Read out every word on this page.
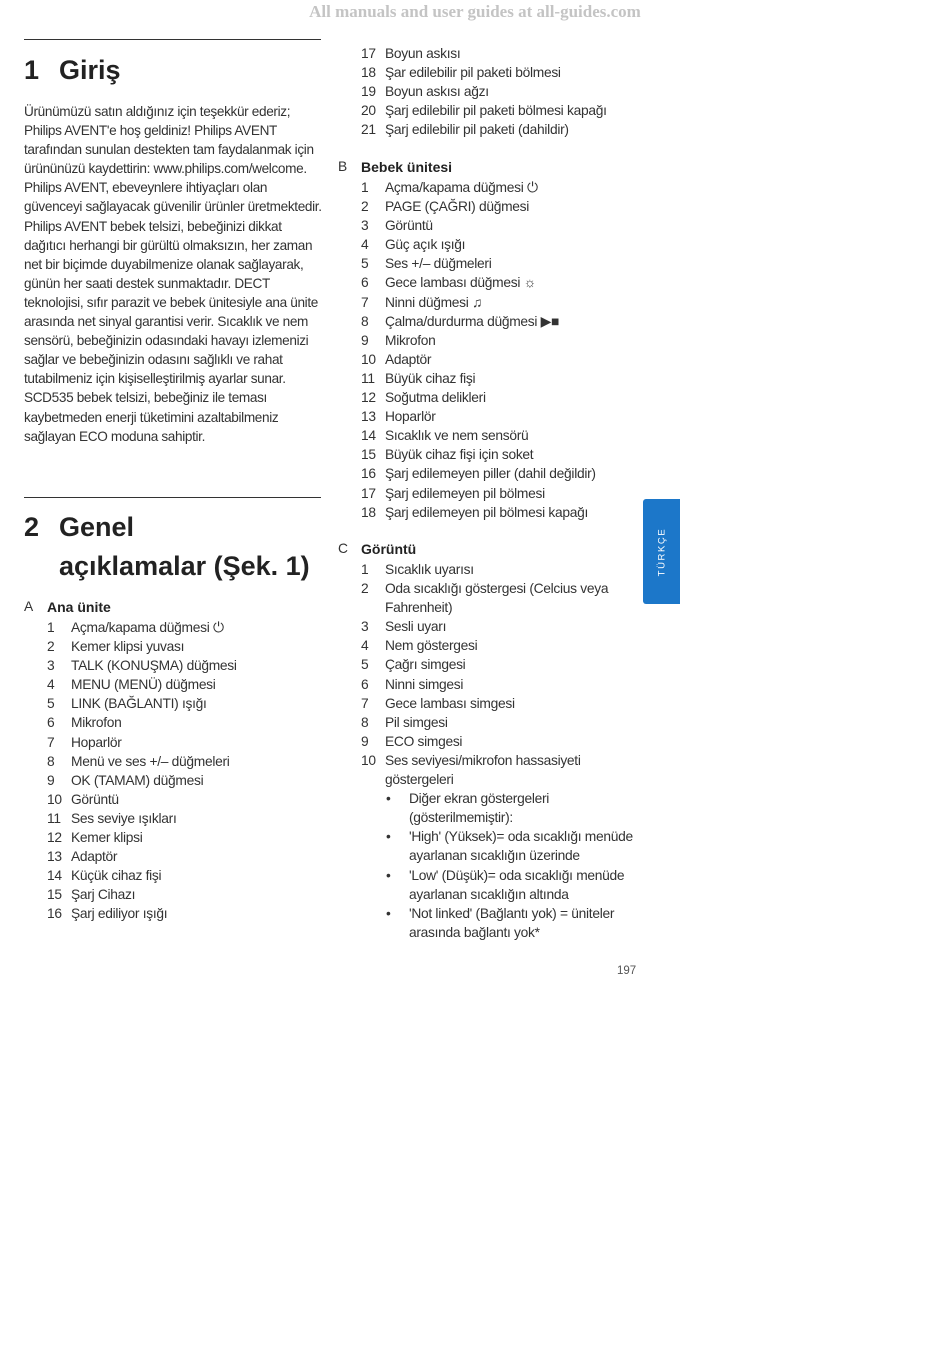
All manuals and user guides at all-guides.com
1 Giriş

Ürünümüzü satın aldığınız için teşekkür ederiz; Philips AVENT'e hoş geldiniz! Philips AVENT tarafından sunulan destekten tam faydalanmak için ürününüzü kaydettirin: www.philips.com/welcome. Philips AVENT, ebeveynlere ihtiyaçları olan güvenceyi sağlayacak güvenilir ürünler üretmektedir. Philips AVENT bebek telsizi, bebeğinizi dikkat dağıtıcı herhangi bir gürültü olmaksızın, her zaman net bir biçimde duyabilmenize olanak sağlayarak, günün her saati destek sunmaktadır. DECT teknolojisi, sıfır parazit ve bebek ünitesiyle ana ünite arasında net sinyal garantisi verir. Sıcaklık ve nem sensörü, bebeğinizin odasındaki havayı izlemenizi sağlar ve bebeğinizin odasını sağlıklı ve rahat tutabilmeniz için kişiselleştirilmiş ayarlar sunar.

SCD535 bebek telsizi, bebeğiniz ile teması kaybetmeden enerji tüketimini azaltabilmeniz sağlayan ECO moduna sahiptir.

2 Genel
açıklamalar (Şek. 1)
A Ana ünite
1 Açma/kapama düğmesi ⏻
2 Kemer klipsi yuvası
3 TALK (KONUŞMA) düğmesi
4 MENU (MENÜ) düğmesi
5 LINK (BAĞLANTI) ışığı
6 Mikrofon
7 Hoparlör
8 Menü ve ses +/– düğmeleri
9 OK (TAMAM) düğmesi
10 Görüntü
11 Ses seviye ışıkları
12 Kemer klipsi
13 Adaptör
14 Küçük cihaz fişi
15 Şarj Cihazı
16 Şarj ediliyor ışığı
17 Boyun askısı
18 Şar edilebilir pil paketi bölmesi
19 Boyun askısı ağzı
20 Şarj edilebilir pil paketi bölmesi kapağı
21 Şarj edilebilir pil paketi (dahildir)
B Bebek ünitesi
1 Açma/kapama düğmesi ⏻
2 PAGE (ÇAĞRI) düğmesi
3 Görüntü
4 Güç açık ışığı
5 Ses +/– düğmeleri
6 Gece lambası düğmesi ☼
7 Ninni düğmesi ♫
8 Çalma/durdurma düğmesi ▶■
9 Mikrofon
10 Adaptör
11 Büyük cihaz fişi
12 Soğutma delikleri
13 Hoparlör
14 Sıcaklık ve nem sensörü
15 Büyük cihaz fişi için soket
16 Şarj edilemeyen piller (dahil değildir)
17 Şarj edilemeyen pil bölmesi
18 Şarj edilemeyen pil bölmesi kapağı
C Görüntü
1 Sıcaklık uyarısı
2 Oda sıcaklığı göstergesi (Celcius veya Fahrenheit)
3 Sesli uyarı
4 Nem göstergesi
5 Çağrı simgesi
6 Ninni simgesi
7 Gece lambası simgesi
8 Pil simgesi
9 ECO simgesi
10 Ses seviyesi/mikrofon hassasiyeti göstergeleri
• Diğer ekran göstergeleri (gösterilmemiştir):
• 'High' (Yüksek)= oda sıcaklığı menüde ayarlanan sıcaklığın üzerinde
• 'Low' (Düşük)= oda sıcaklığı menüde ayarlanan sıcaklığın altında
• 'Not linked' (Bağlantı yok) = üniteler arasında bağlantı yok*
TÜRKÇE
197
